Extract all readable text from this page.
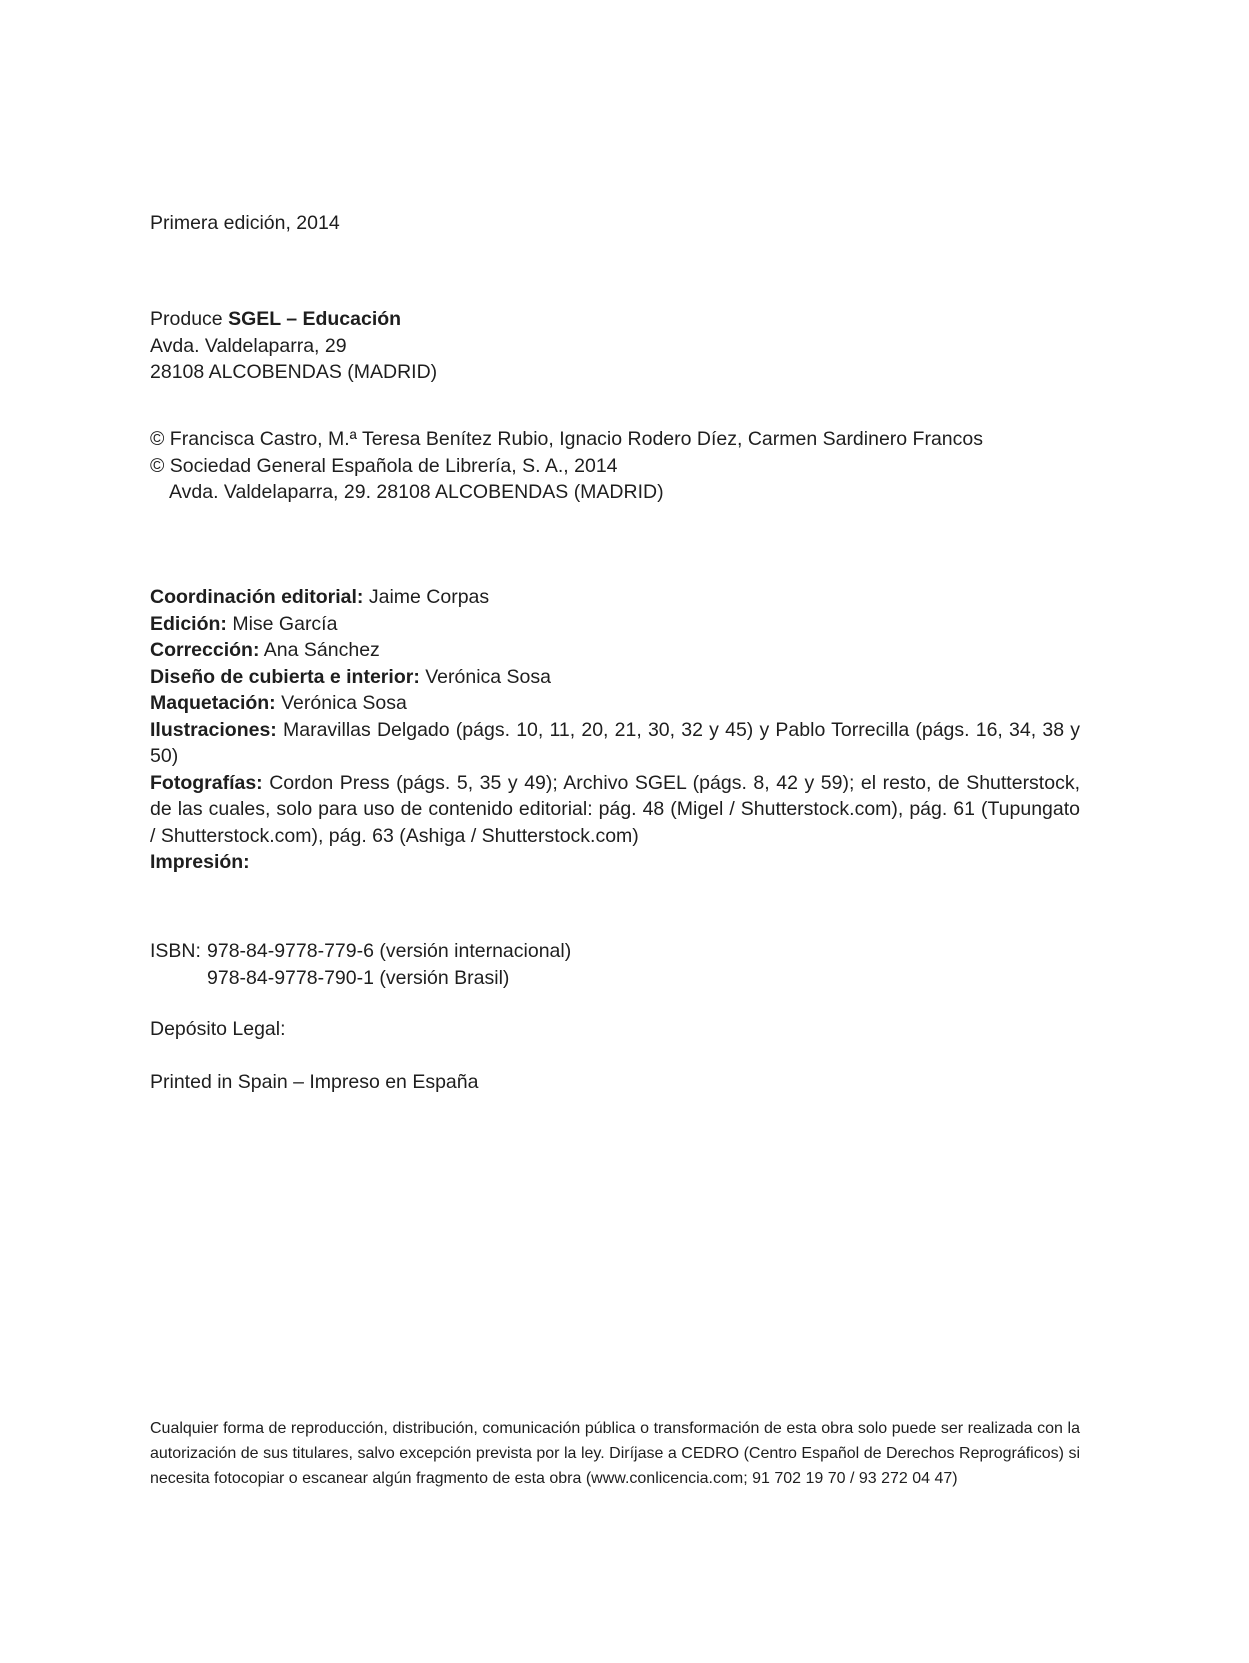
Primera edición, 2014
Produce SGEL – Educación
Avda. Valdelaparra, 29
28108 ALCOBENDAS (MADRID)
© Francisca Castro, M.ª Teresa Benítez Rubio, Ignacio Rodero Díez, Carmen Sardinero Francos
© Sociedad General Española de Librería, S. A., 2014
Avda. Valdelaparra, 29. 28108 ALCOBENDAS (MADRID)
Coordinación editorial: Jaime Corpas
Edición: Mise García
Corrección: Ana Sánchez
Diseño de cubierta e interior: Verónica Sosa
Maquetación: Verónica Sosa
Ilustraciones: Maravillas Delgado (págs. 10, 11, 20, 21, 30, 32 y 45) y Pablo Torrecilla (págs. 16, 34, 38 y 50)
Fotografías: Cordon Press (págs. 5, 35 y 49); Archivo SGEL (págs. 8, 42 y 59); el resto, de Shutterstock, de las cuales, solo para uso de contenido editorial: pág. 48 (Migel / Shutterstock.com), pág. 61 (Tupungato / Shutterstock.com), pág. 63 (Ashiga / Shutterstock.com)
Impresión:
ISBN: 978-84-9778-779-6 (versión internacional)
978-84-9778-790-1 (versión Brasil)
Depósito Legal:
Printed in Spain – Impreso en España
Cualquier forma de reproducción, distribución, comunicación pública o transformación de esta obra solo puede ser realizada con la autorización de sus titulares, salvo excepción prevista por la ley. Diríjase a CEDRO (Centro Español de Derechos Reprográficos) si necesita fotocopiar o escanear algún fragmento de esta obra (www.conlicencia.com; 91 702 19 70 / 93 272 04 47)
